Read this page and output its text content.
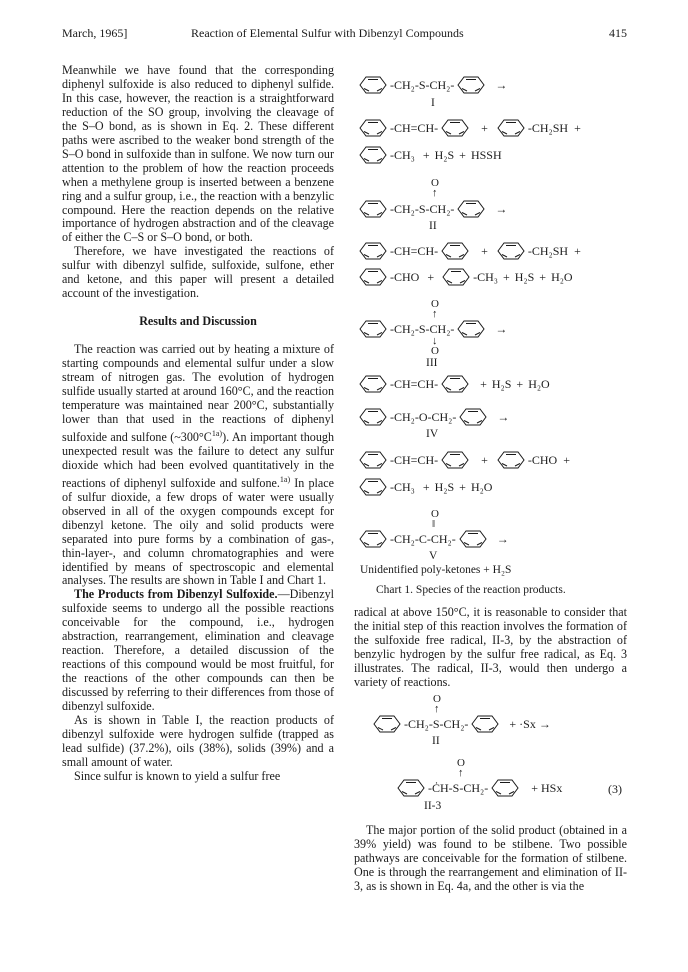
March, 1965]	Reaction of Elemental Sulfur with Dibenzyl Compounds	415

Meanwhile we have found that the corresponding diphenyl sulfoxide is also reduced to diphenyl sulfide. In this case, however, the reaction is a straightforward reduction of the SO group, involving the cleavage of the S–O bond, as is shown in Eq. 2. These different paths were ascribed to the weaker bond strength of the S–O bond in sulfoxide than in sulfone. We now turn our attention to the problem of how the reaction proceeds when a methylene group is inserted between a benzene ring and a sulfur group, i.e., the reaction with a benzylic compound. Here the reaction depends on the relative importance of hydrogen abstraction and of the cleavage of either the C–S or S–O bond, or both.

Therefore, we have investigated the reactions of sulfur with dibenzyl sulfide, sulfoxide, sulfone, ether and ketone, and this paper will present a detailed account of the investigation.

Results and Discussion

The reaction was carried out by heating a mixture of starting compounds and elemental sulfur under a slow stream of nitrogen gas. The evolution of hydrogen sulfide usually started at around 160°C, and the reaction temperature was maintained near 200°C, substantially lower than that used in the reactions of diphenyl sulfoxide and sulfone $(\sim 300^\circ C^{1a)})$. An important though unexpected result was the failure to detect any sulfur dioxide which had been evolved quantitatively in the reactions of diphenyl sulfoxide and sulfone.$^{1a)}$ In place of sulfur dioxide, a few drops of water were usually observed in all of the oxygen compounds except for dibenzyl ketone. The oily and solid products were separated into pure forms by a combination of gas-, thin-layer-, and column chromatographies and were identified by means of spectroscopic and elemental analyses. The results are shown in Table I and Chart 1.

The Products from Dibenzyl Sulfoxide.—Dibenzyl sulfoxide seems to undergo all the possible reactions conceivable for the compound, i.e., hydrogen abstraction, rearrangement, elimination and cleavage reaction. Therefore, a detailed discussion of the reactions of this compound would be most fruitful, for the reactions of the other compounds can then be discussed by referring to their differences from those of dibenzyl sulfoxide.

As is shown in Table I, the reaction products of dibenzyl sulfoxide were hydrogen sulfide (trapped as lead sulfide) (37.2%), oils (38%), solids (39%) and a small amount of water.

Since sulfur is known to yield a sulfur free

-CH₂-S-CH₂-	→
I
-CH=CH-	+	-CH₂SH +
-CH₃ + H₂S + HSSH
O
↑
-CH₂-S-CH₂-	→
II
-CH=CH-	+	-CH₂SH +
-CHO +	-CH₃ + H₂S + H₂O
O
↑
-CH₂-S-CH₂-	→
↓
O
III
-CH=CH-	+ H₂S + H₂O
-CH₂-O-CH₂-	→
IV
-CH=CH-	+	-CHO +
-CH₃ + H₂S + H₂O
O
‖
-CH₂-C-CH₂-	→
V
Unidentified poly-ketones + H₂S
Chart 1. Species of the reaction products.

radical at above 150°C, it is reasonable to consider that the initial step of this reaction involves the formation of the sulfoxide free radical, II-3, by the abstraction of benzylic hydrogen by the sulfur free radical, as Eq. 3 illustrates. The radical, II-3, would then undergo a variety of reactions.

O
↑
-CH₂-S-CH₂-	+ ·Sx →
II
O
↑
-ĊH-S-CH₂-	+ HSx	(3)
II-3

The major portion of the solid product (obtained in a 39% yield) was found to be stilbene. Two possible pathways are conceivable for the formation of stilbene. One is through the rearrangement and elimination of II-3, as is shown in Eq. 4a, and the other is via the
